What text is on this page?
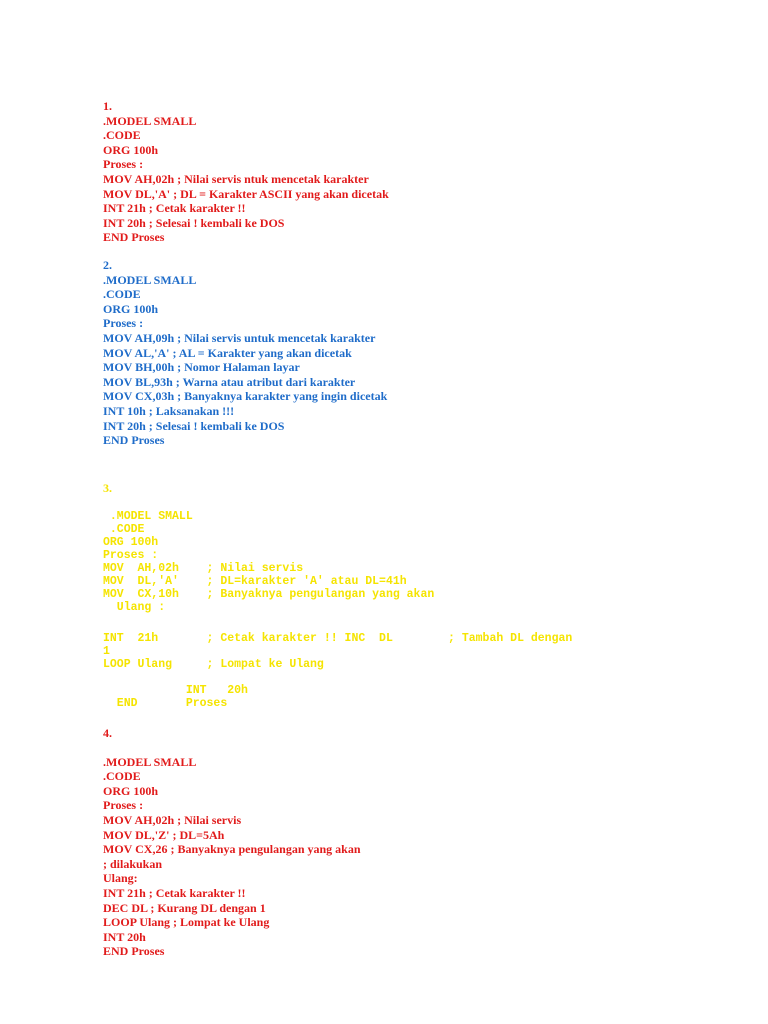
1.
.MODEL SMALL
.CODE
ORG 100h
Proses :
MOV AH,02h ; Nilai servis ntuk mencetak karakter
MOV DL,'A' ; DL = Karakter ASCII yang akan dicetak
INT 21h ; Cetak karakter !!
INT 20h ; Selesai ! kembali ke DOS
END Proses
2.
.MODEL SMALL
.CODE
ORG 100h
Proses :
MOV AH,09h ; Nilai servis untuk mencetak karakter
MOV AL,'A' ; AL = Karakter yang akan dicetak
MOV BH,00h ; Nomor Halaman layar
MOV BL,93h ; Warna atau atribut dari karakter
MOV CX,03h ; Banyaknya karakter yang ingin dicetak
INT 10h ; Laksanakan !!!
INT 20h ; Selesai ! kembali ke DOS
END Proses
3.
.MODEL SMALL
.CODE
ORG 100h
Proses :
MOV  AH,02h    ; Nilai servis
MOV  DL,'A'    ; DL=karakter 'A' atau DL=41h
MOV  CX,10h    ; Banyaknya pengulangan yang akan
Ulang :
INT  21h       ; Cetak karakter !! INC  DL        ; Tambah DL dengan
1
LOOP Ulang     ; Lompat ke Ulang
INT   20h
END       Proses
4.
.MODEL SMALL
.CODE
ORG 100h
Proses :
MOV AH,02h ; Nilai servis
MOV DL,'Z' ; DL=5Ah
MOV CX,26 ; Banyaknya pengulangan yang akan
; dilakukan
Ulang:
INT 21h ; Cetak karakter !!
DEC DL ; Kurang DL dengan 1
LOOP Ulang ; Lompat ke Ulang
INT 20h
END Proses
